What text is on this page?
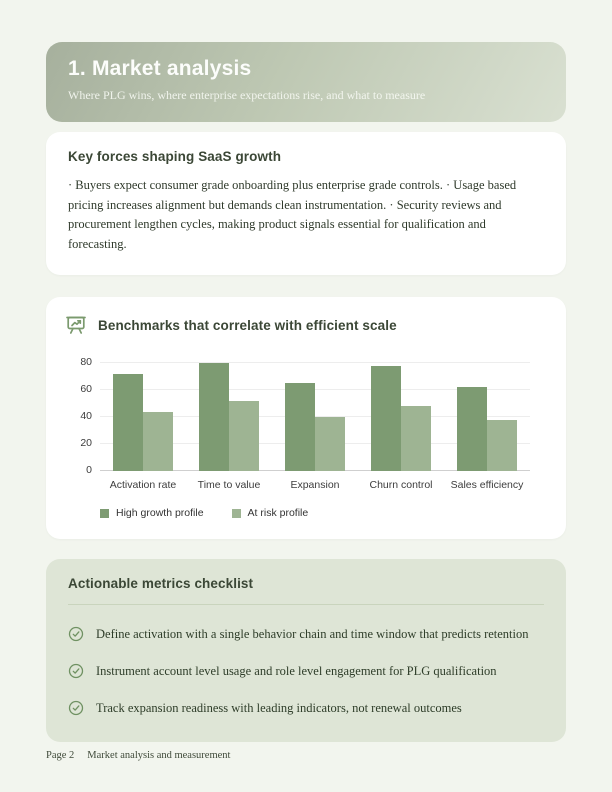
1. Market analysis
Where PLG wins, where enterprise expectations rise, and what to measure
Key forces shaping SaaS growth

· Buyers expect consumer grade onboarding plus enterprise grade controls. · Usage based pricing increases alignment but demands clean instrumentation. · Security reviews and procurement lengthen cycles, making product signals essential for qualification and forecasting.

Benchmarks that correlate with efficient scale
0
20
40
60
80
Activation rate	Time to value	Expansion	Churn control	Sales efficiency
High growth profile	At risk profile
Actionable metrics checklist
Define activation with a single behavior chain and time window that predicts retention
Instrument account level usage and role level engagement for PLG qualification
Track expansion readiness with leading indicators, not renewal outcomes
Page 2 Market analysis and measurement
